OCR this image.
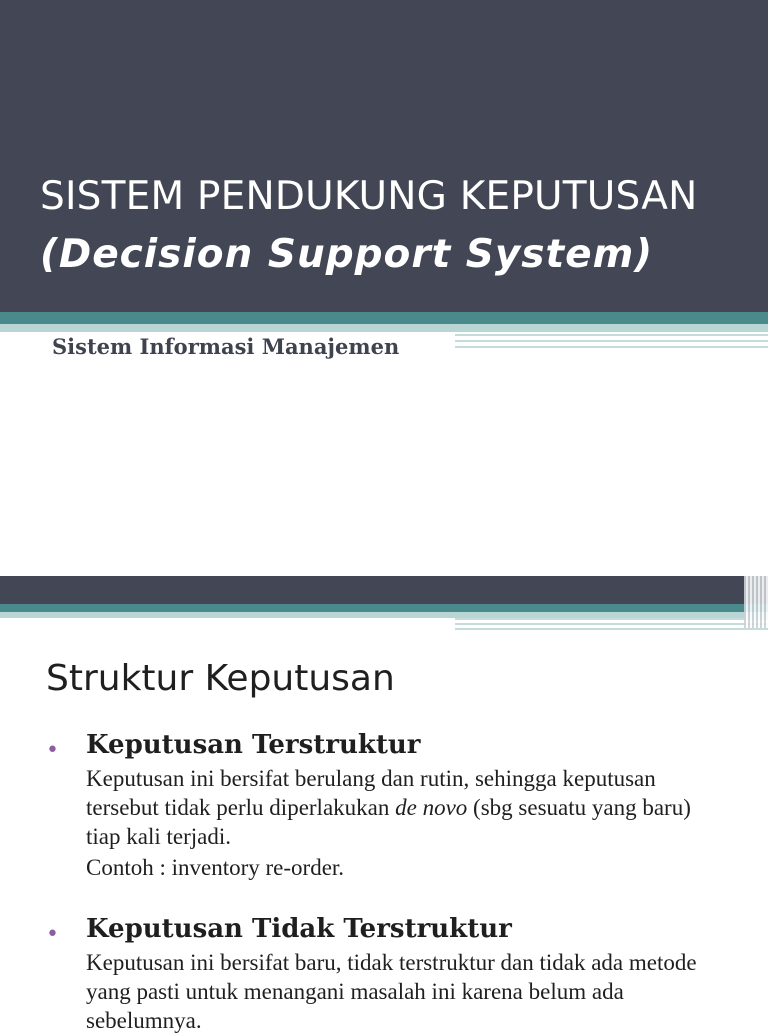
SISTEM PENDUKUNG KEPUTUSAN
(Decision Support System)
Sistem Informasi Manajemen
Struktur Keputusan
• Keputusan Terstruktur

Keputusan ini bersifat berulang dan rutin, sehingga keputusan tersebut tidak perlu diperlakukan de novo (sbg sesuatu yang baru) tiap kali terjadi.

Contoh : inventory re-order.

• Keputusan Tidak Terstruktur

Keputusan ini bersifat baru, tidak terstruktur dan tidak ada metode yang pasti untuk menangani masalah ini karena belum ada sebelumnya.
